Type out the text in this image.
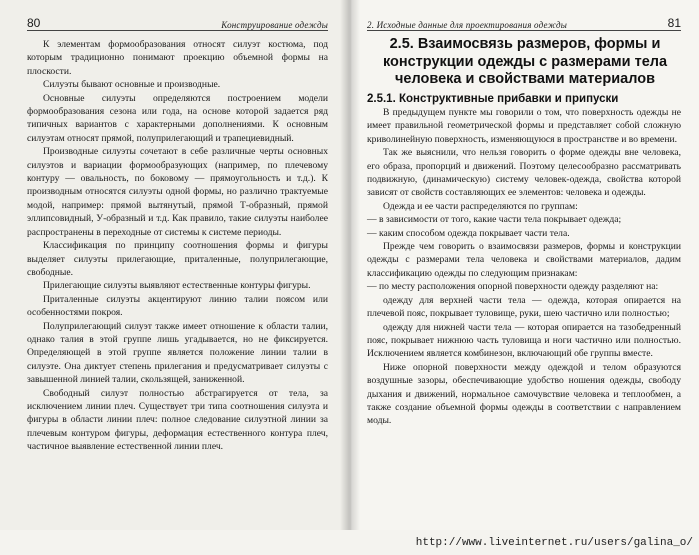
80	Конструирование одежды

К элементам формообразования относят силуэт костюма, под которым традиционно понимают проекцию объемной формы на плоскости.

Силуэты бывают основные и производные.

Основные силуэты определяются построением модели формообразования сезона или года, на основе которой задается ряд типичных вариантов с характерными дополнениями. К основным силуэтам относят прямой, полуприлегающий и трапециевидный.

Производные силуэты сочетают в себе различные черты основных силуэтов и вариации формообразующих (например, по плечевому контуру — овальность, по боковому — прямоугольность и т.д.). К производным относятся силуэты одной формы, но различно трактуемые модой, например: прямой вытянутый, прямой Т-образный, прямой эллипсовидный, У-образный и т.д. Как правило, такие силуэты наиболее распространены в переходные от системы к системе периоды.

Классификация по принципу соотношения формы и фигуры выделяет силуэты прилегающие, приталенные, полуприлегающие, свободные.

Прилегающие силуэты выявляют естественные контуры фигуры.

Приталенные силуэты акцентируют линию талии поясом или особенностями покроя.

Полуприлегающий силуэт также имеет отношение к области талии, однако талия в этой группе лишь угадывается, но не фиксируется. Определяющей в этой группе является положение линии талии в силуэте. Она диктует степень прилегания и предусматривает силуэты с завышенной линией талии, скользящей, заниженной.

Свободный силуэт полностью абстрагируется от тела, за исключением линии плеч. Существует три типа соотношения силуэта и фигуры в области линии плеч: полное следование силуэтной линии за плечевым контуром фигуры, деформация естественного контура плеч, частичное выявление естественной линии плеч.

2. Исходные данные для проектирования одежды	81
2.5. Взаимосвязь размеров, формы и конструкции одежды с размерами тела человека и свойствами материалов
2.5.1. Конструктивные прибавки и припуски

В предыдущем пункте мы говорили о том, что поверхность одежды не имеет правильной геометрической формы и представляет собой сложную криволинейную поверхность, изменяющуюся в пространстве и во времени.

Так же выяснили, что нельзя говорить о форме одежды вне человека, его образа, пропорций и движений. Поэтому целесообразно рассматривать подвижную, (динамическую) систему человек-одежда, свойства которой зависят от свойств составляющих ее элементов: человека и одежды.

Одежда и ее части распределяются по группам:

— в зависимости от того, какие части тела покрывает одежда;

— каким способом одежда покрывает части тела.

Прежде чем говорить о взаимосвязи размеров, формы и конструкции одежды с размерами тела человека и свойствами материалов, дадим классификацию одежды по следующим признакам:

— по месту расположения опорной поверхности одежду разделяют на:

одежду для верхней части тела — одежда, которая опирается на плечевой пояс, покрывает туловище, руки, шею частично или полностью;

одежду для нижней части тела — которая опирается на тазобедренный пояс, покрывает нижнюю часть туловища и ноги частично или полностью. Исключением является комбинезон, включающий обе группы вместе.

Ниже опорной поверхности между одеждой и телом образуются воздушные зазоры, обеспечивающие удобство ношения одежды, свободу дыхания и движений, нормальное самочувствие человека и теплообмен, а также создание объемной формы одежды в соответствии с направлением моды.

http://www.liveinternet.ru/users/galina_o/
